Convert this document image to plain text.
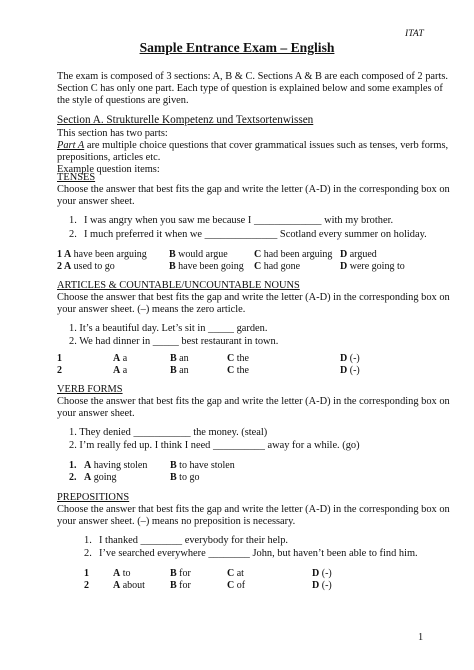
ITAT
Sample Entrance Exam – English
The exam is composed of 3 sections: A, B & C. Sections A & B are each composed of 2 parts.
Section C has only one part. Each type of question is explained below and some examples of
the style of questions are given.
Section A. Strukturelle Kompetenz und Textsortenwissen
This section has two parts:
Part A are multiple choice questions that cover grammatical issues such as tenses, verb forms,
prepositions, articles etc.
Example question items:
TENSES
Choose the answer that best fits the gap and write the letter (A-D) in the corresponding box on
your answer sheet.
1. I was angry when you saw me because I _____________ with my brother.
2. I much preferred it when we ______________ Scotland every summer on holiday.
1 A have been arguing B would argue	C had been arguing D argued
2 A used to go	B have been going C had gone	D were going to
ARTICLES & COUNTABLE/UNCOUNTABLE NOUNS
Choose the answer that best fits the gap and write the letter (A-D) in the corresponding box on
your answer sheet. (–) means the zero article.
1. It’s a beautiful day. Let’s sit in _____ garden.
2. We had dinner in _____ best restaurant in town.
1	A a	B an	C the	D (-)
2	A a	B an	C the	D (-)
VERB FORMS
Choose the answer that best fits the gap and write the letter (A-D) in the corresponding box on
your answer sheet.
1. They denied ___________ the money. (steal)
2. I’m really fed up. I think I need __________ away for a while. (go)
1. A having stolen B to have stolen
2. A going	B to go
PREPOSITIONS
Choose the answer that best fits the gap and write the letter (A-D) in the corresponding box on
your answer sheet. (–) means no preposition is necessary.
1. I thanked ________ everybody for their help.
2. I’ve searched everywhere ________ John, but haven’t been able to find him.
1 A to	B for	C at	D (-)
2 A about	B for	C of	D (-)
1
